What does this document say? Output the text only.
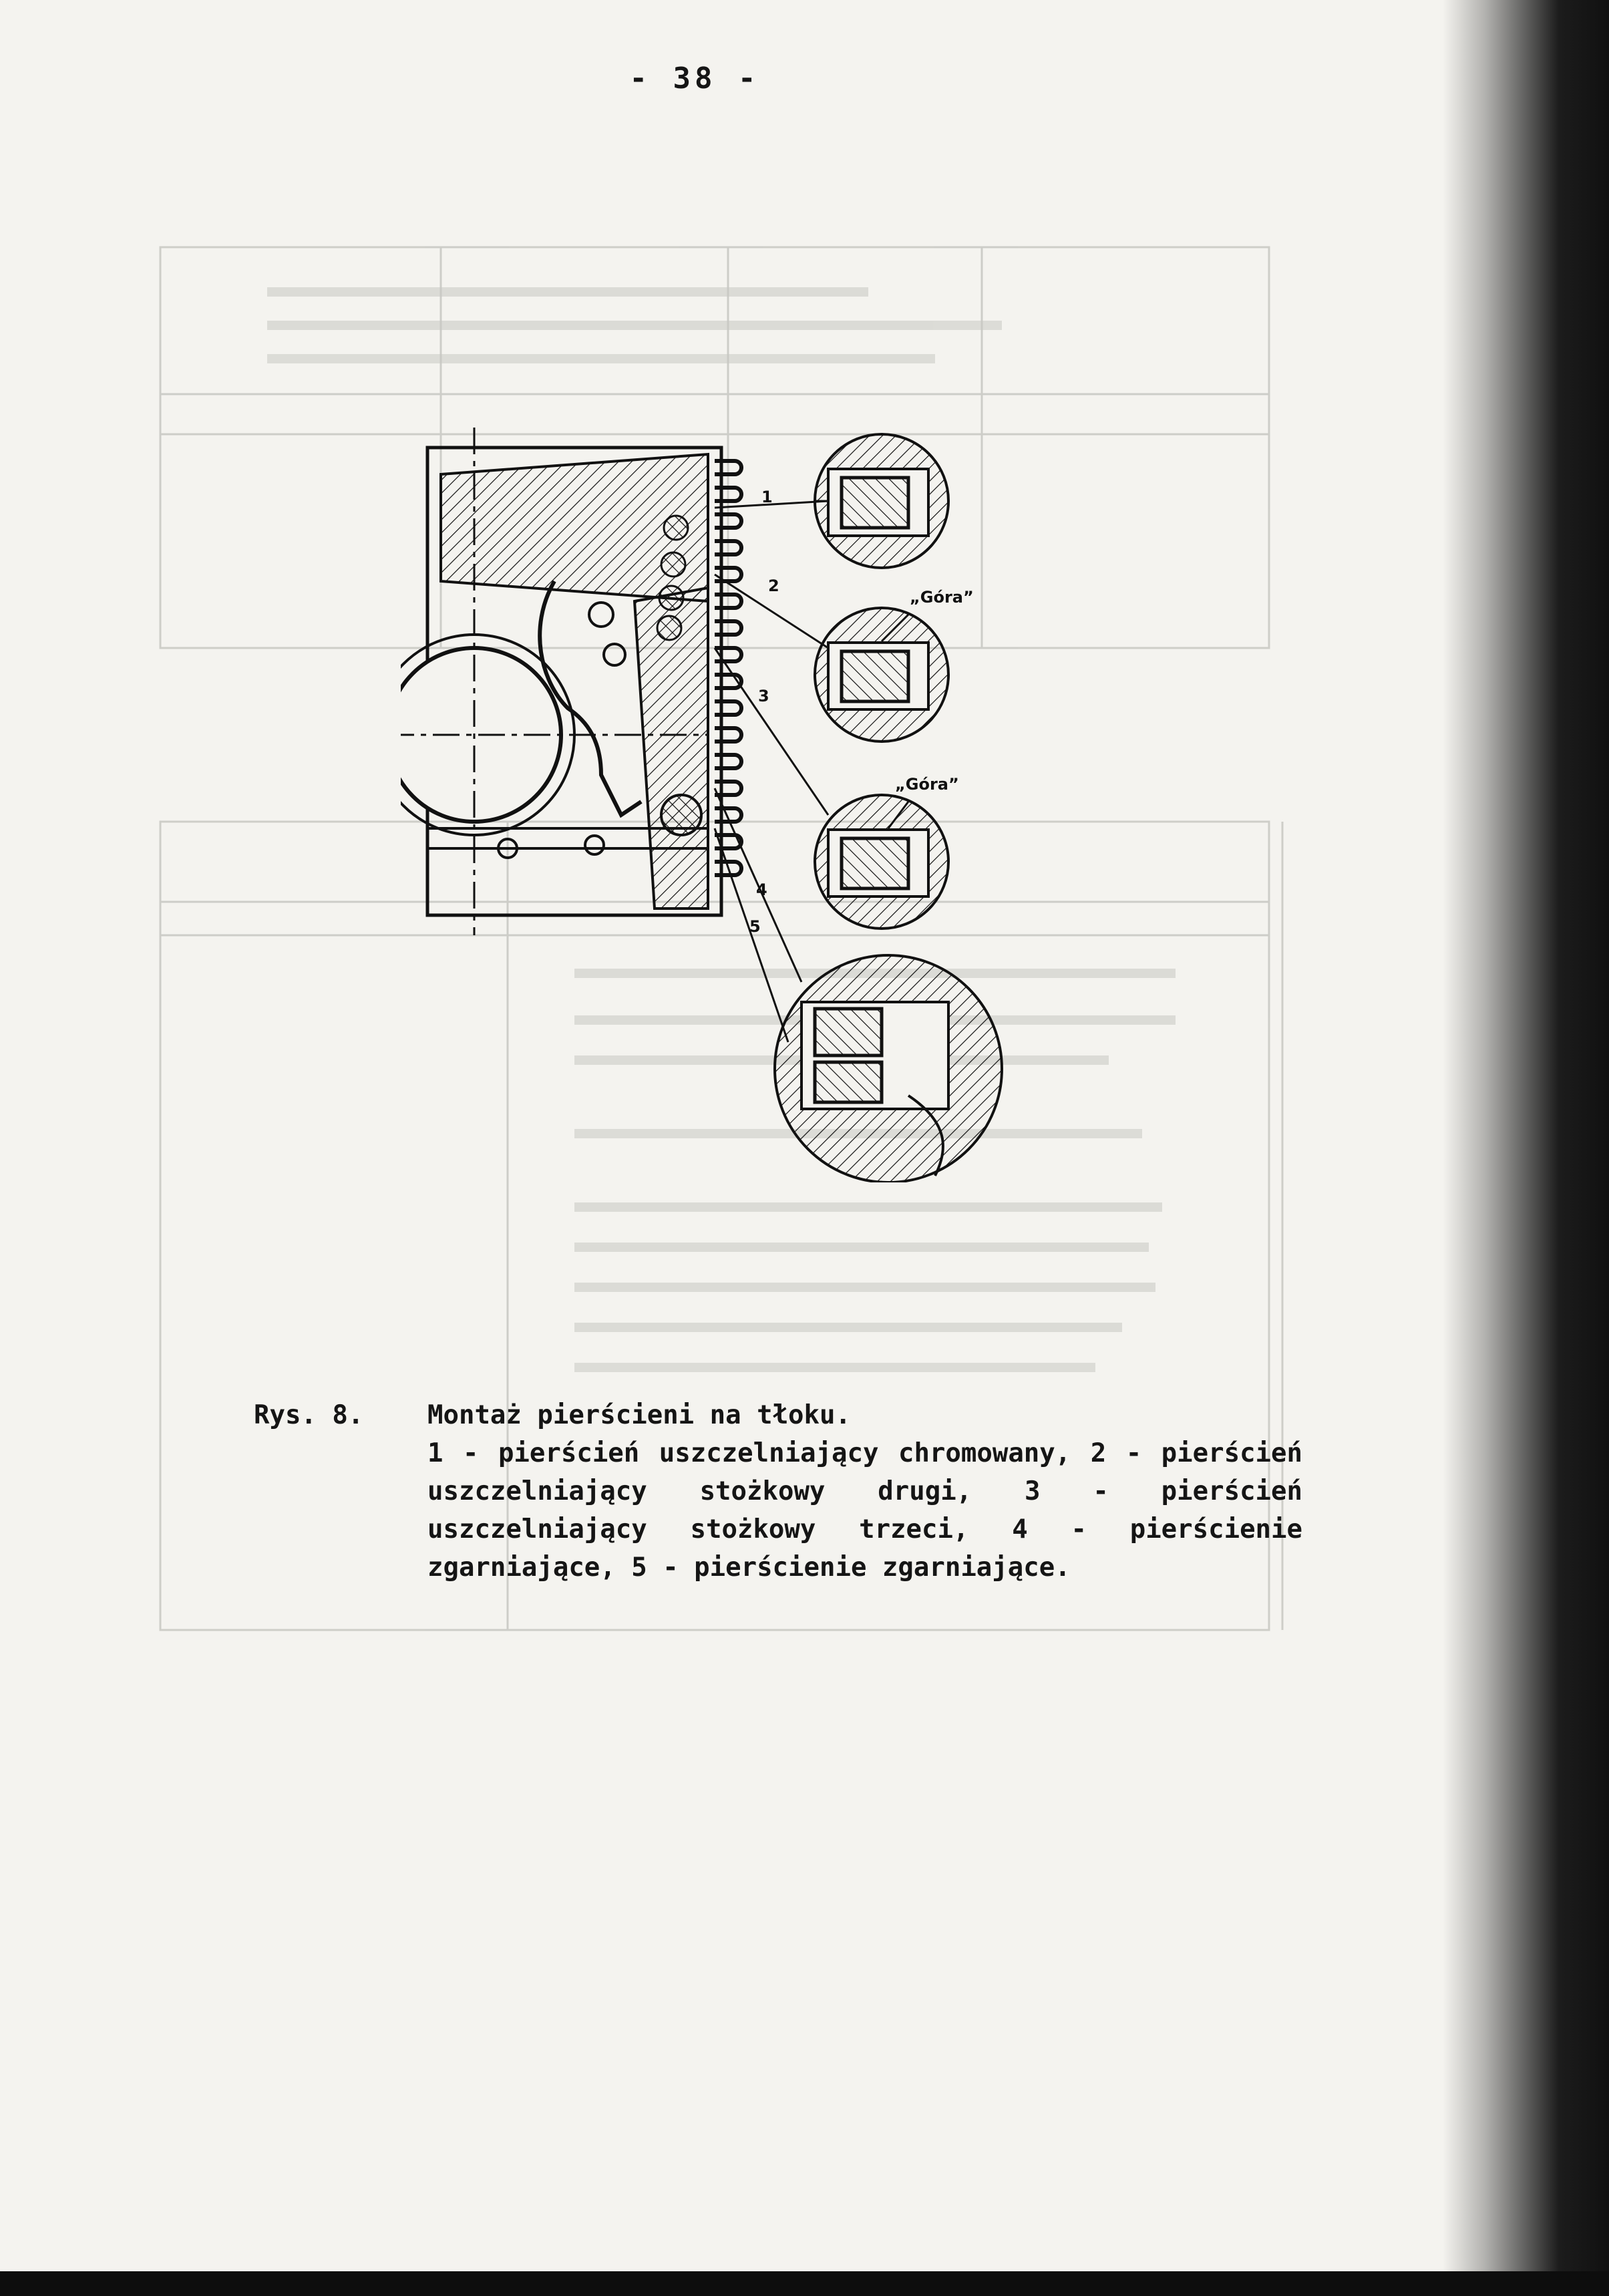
- 38 -
1
2
3
4
5
„Góra”
„Góra”
Rys. 8.	Montaż pierścieni na tłoku.
1 - pierścień uszczelniający chromowany, 2 - pierścień uszczelniający stożkowy drugi, 3 - pierścień uszczelniający stożkowy trzeci, 4 - pierścienie zgarniające, 5 - pierścienie zgarniające.
